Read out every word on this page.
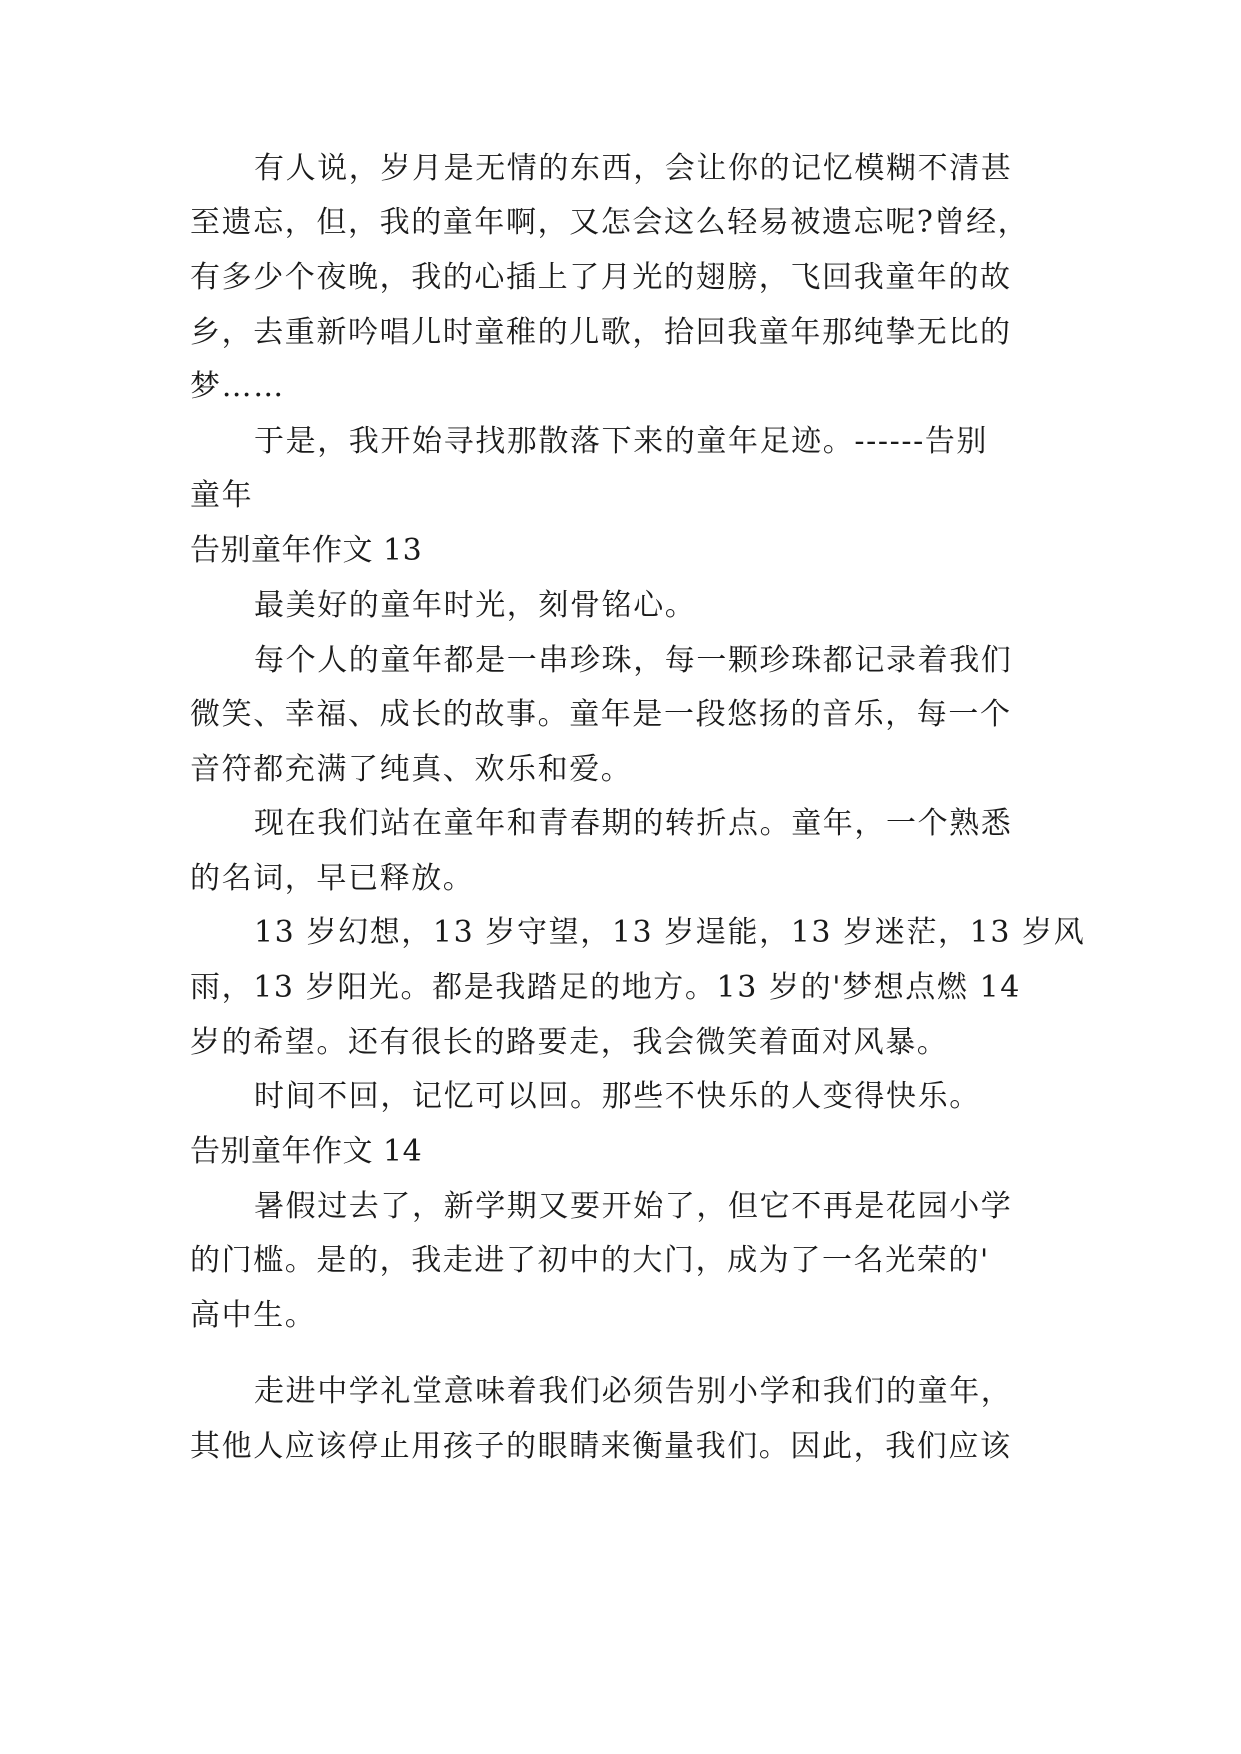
有人说，岁月是无情的东西，会让你的记忆模糊不清甚

至遗忘，但，我的童年啊，又怎会这么轻易被遗忘呢?曾经，

有多少个夜晚，我的心插上了月光的翅膀，飞回我童年的故

乡，去重新吟唱儿时童稚的儿歌，拾回我童年那纯挚无比的

梦……

于是，我开始寻找那散落下来的童年足迹。------告别

童年

告别童年作文 13

最美好的童年时光，刻骨铭心。

每个人的童年都是一串珍珠，每一颗珍珠都记录着我们

微笑、幸福、成长的故事。童年是一段悠扬的音乐，每一个

音符都充满了纯真、欢乐和爱。

现在我们站在童年和青春期的转折点。童年，一个熟悉

的名词，早已释放。

13 岁幻想，13 岁守望，13 岁逞能，13 岁迷茫，13 岁风

雨，13 岁阳光。都是我踏足的地方。13 岁的'梦想点燃 14

岁的希望。还有很长的路要走，我会微笑着面对风暴。

时间不回，记忆可以回。那些不快乐的人变得快乐。

告别童年作文 14

暑假过去了，新学期又要开始了，但它不再是花园小学

的门槛。是的，我走进了初中的大门，成为了一名光荣的'

高中生。

走进中学礼堂意味着我们必须告别小学和我们的童年，

其他人应该停止用孩子的眼睛来衡量我们。因此，我们应该
